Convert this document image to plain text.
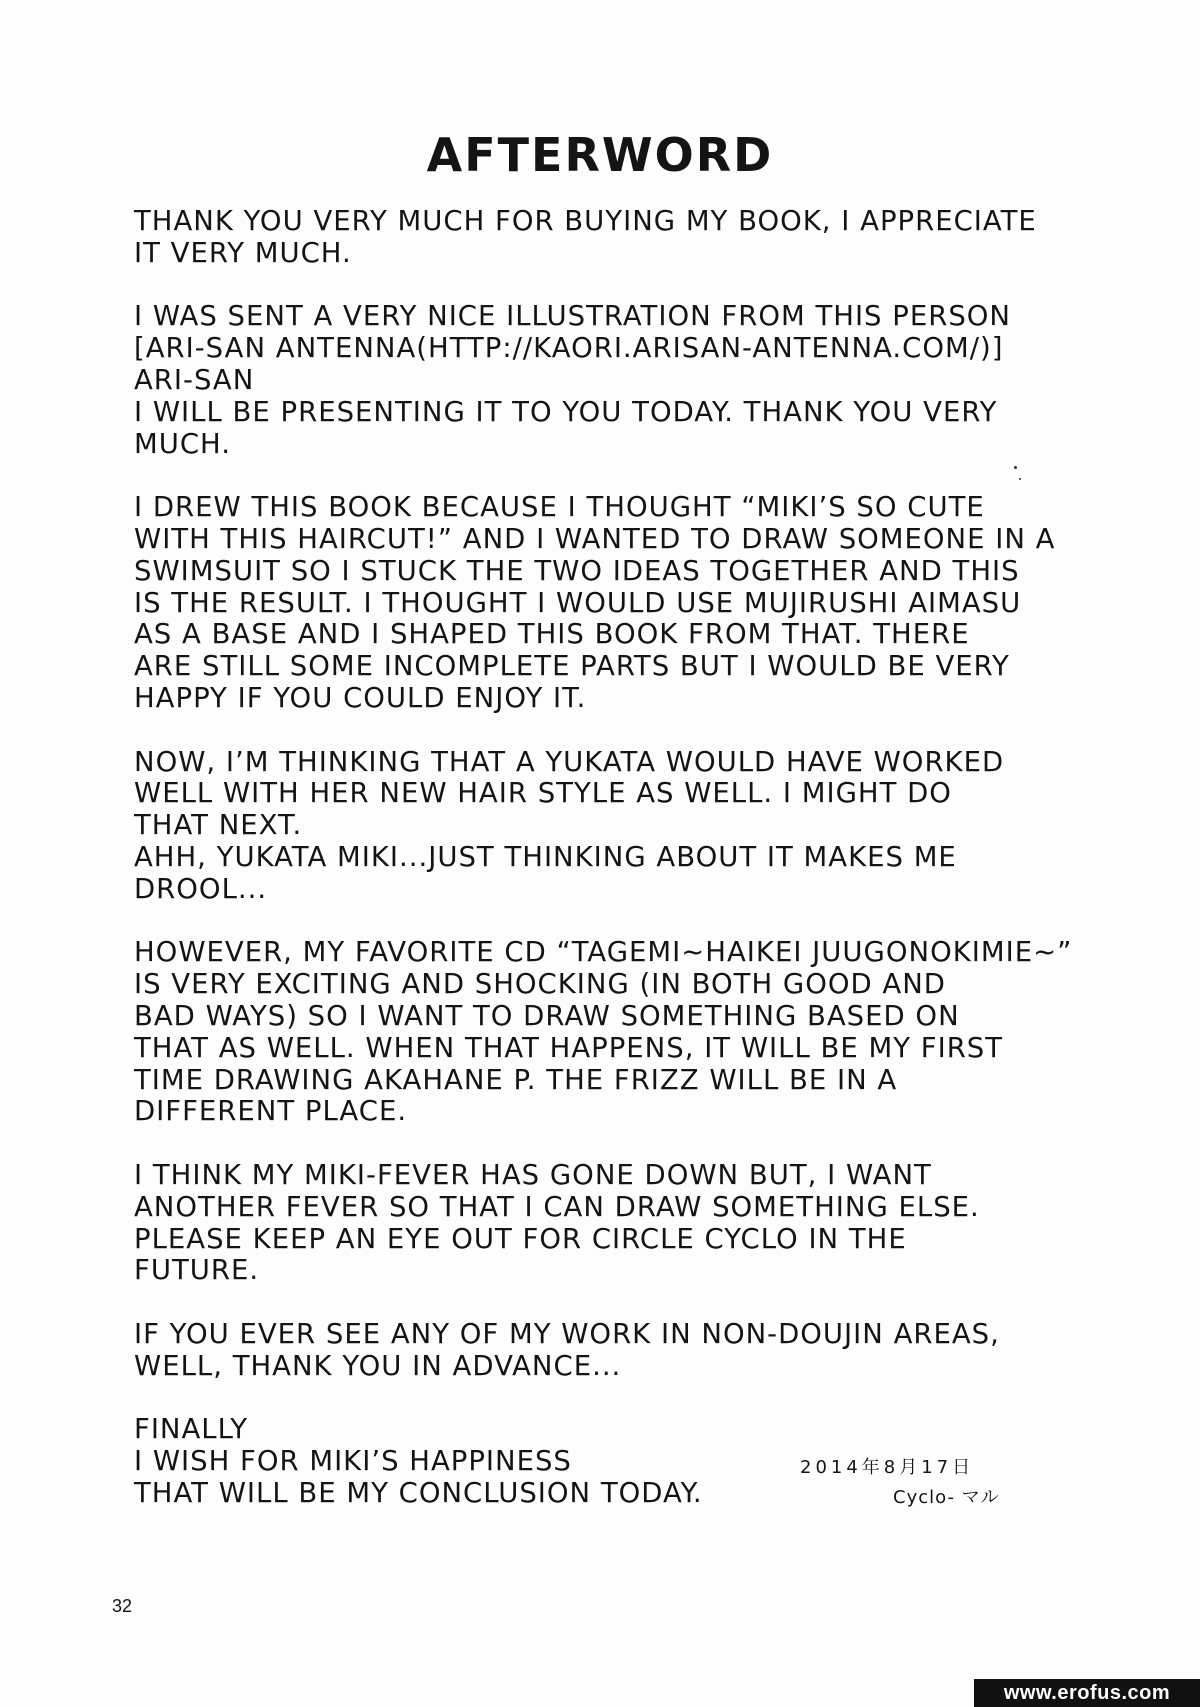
AFTERWORD
THANK YOU VERY MUCH FOR BUYING MY BOOK, I APPRECIATE
IT VERY MUCH.
I WAS SENT A VERY NICE ILLUSTRATION FROM THIS PERSON
[ARI-SAN ANTENNA(HTTP://KAORI.ARISAN-ANTENNA.COM/)]
ARI-SAN
I WILL BE PRESENTING IT TO YOU TODAY. THANK YOU VERY
MUCH.
I DREW THIS BOOK BECAUSE I THOUGHT “MIKI’S SO CUTE
WITH THIS HAIRCUT!” AND I WANTED TO DRAW SOMEONE IN A
SWIMSUIT SO I STUCK THE TWO IDEAS TOGETHER AND THIS
IS THE RESULT. I THOUGHT I WOULD USE MUJIRUSHI AIMASU
AS A BASE AND I SHAPED THIS BOOK FROM THAT. THERE
ARE STILL SOME INCOMPLETE PARTS BUT I WOULD BE VERY
HAPPY IF YOU COULD ENJOY IT.
NOW, I’M THINKING THAT A YUKATA WOULD HAVE WORKED
WELL WITH HER NEW HAIR STYLE AS WELL. I MIGHT DO
THAT NEXT.
AHH, YUKATA MIKI...JUST THINKING ABOUT IT MAKES ME
DROOL...
HOWEVER, MY FAVORITE CD “TAGEMI~HAIKEI JUUGONOKIMIE~”
IS VERY EXCITING AND SHOCKING (IN BOTH GOOD AND
BAD WAYS) SO I WANT TO DRAW SOMETHING BASED ON
THAT AS WELL. WHEN THAT HAPPENS, IT WILL BE MY FIRST
TIME DRAWING AKAHANE P. THE FRIZZ WILL BE IN A
DIFFERENT PLACE.
I THINK MY MIKI-FEVER HAS GONE DOWN BUT, I WANT
ANOTHER FEVER SO THAT I CAN DRAW SOMETHING ELSE.
PLEASE KEEP AN EYE OUT FOR CIRCLE CYCLO IN THE
FUTURE.
IF YOU EVER SEE ANY OF MY WORK IN NON-DOUJIN AREAS,
WELL, THANK YOU IN ADVANCE...
FINALLY
I WISH FOR MIKI’S HAPPINESS
THAT WILL BE MY CONCLUSION TODAY.
2014年8月17日
Cyclo- マル
32
www.erofus.com
